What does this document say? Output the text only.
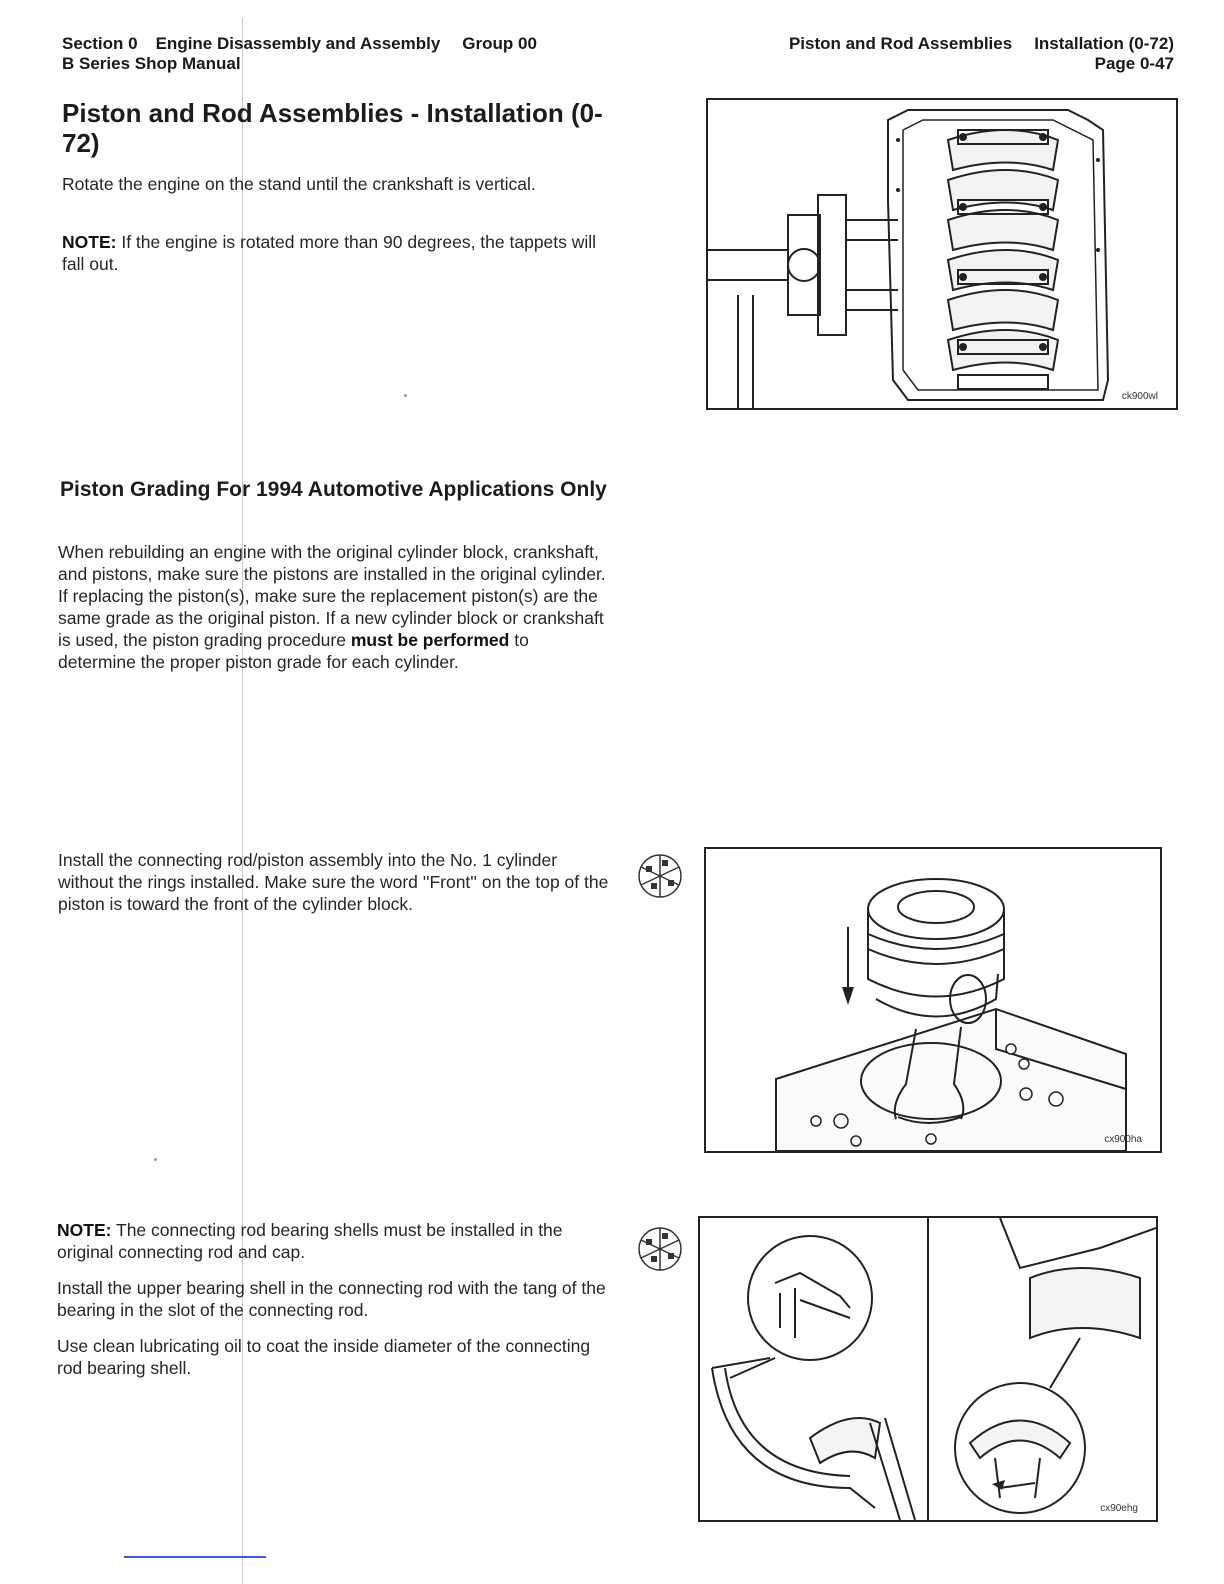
Section 0 Engine Disassembly and Assembly Group 00
B Series Shop Manual
Piston and Rod Assemblies Installation (0-72)
Page 0-47
Piston and Rod Assemblies - Installation (0-72)

Rotate the engine on the stand until the crankshaft is vertical.

NOTE: If the engine is rotated more than 90 degrees, the tappets will fall out.

ck900wl
Piston Grading For 1994 Automotive Applications Only

When rebuilding an engine with the original cylinder block, crankshaft, and pistons, make sure the pistons are installed in the original cylinder. If replacing the piston(s), make sure the replacement piston(s) are the same grade as the original piston. If a new cylinder block or crankshaft is used, the piston grading procedure must be performed to determine the proper piston grade for each cylinder.

Install the connecting rod/piston assembly into the No. 1 cylinder without the rings installed. Make sure the word ''Front'' on the top of the piston is toward the front of the cylinder block.

cx900ha

NOTE: The connecting rod bearing shells must be installed in the original connecting rod and cap.

Install the upper bearing shell in the connecting rod with the tang of the bearing in the slot of the connecting rod.

Use clean lubricating oil to coat the inside diameter of the connecting rod bearing shell.

cx90ehg
